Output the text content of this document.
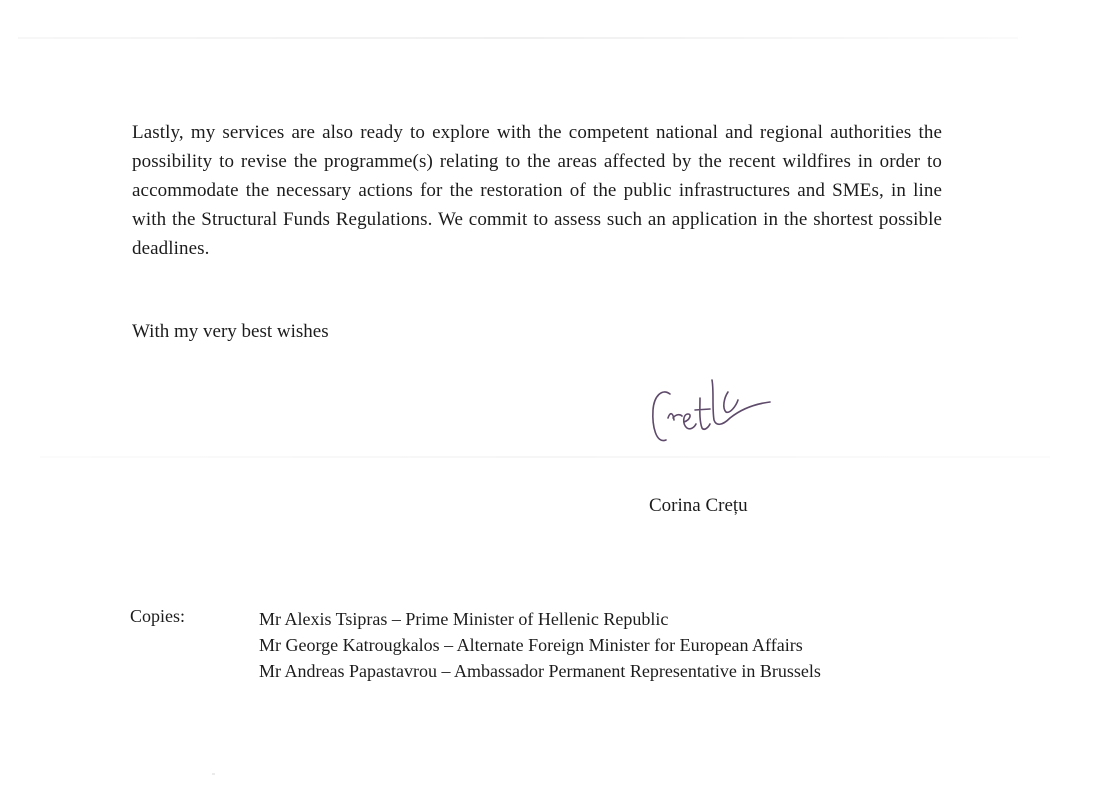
Lastly, my services are also ready to explore with the competent national and regional authorities the possibility to revise the programme(s) relating to the areas affected by the recent wildfires in order to accommodate the necessary actions for the restoration of the public infrastructures and SMEs, in line with the Structural Funds Regulations. We commit to assess such an application in the shortest possible deadlines.

With my very best wishes
Corina Crețu
Copies:	Mr Alexis Tsipras – Prime Minister of Hellenic Republic
Mr George Katrougkalos – Alternate Foreign Minister for European Affairs
Mr Andreas Papastavrou – Ambassador Permanent Representative in Brussels
